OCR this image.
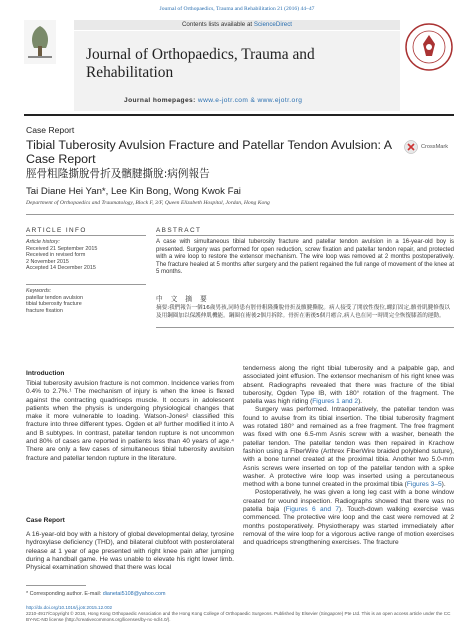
Journal of Orthopaedics, Trauma and Rehabilitation 21 (2016) 44–47
Contents lists available at ScienceDirect
Journal of Orthopaedics, Trauma and Rehabilitation
Journal homepages: www.e-jotr.com & www.ejotr.org
Case Report
Tibial Tuberosity Avulsion Fracture and Patellar Tendon Avulsion: A Case Report
脛骨粗隆撕脫骨折及髕腱撕脫:病例報告
CrossMark
Tai Diane Hei Yan*, Lee Kin Bong, Wong Kwok Fai
Department of Orthopaedics and Traumatology, Block F, 3/F, Queen Elizabeth Hospital, Jordan, Hong Kong
ARTICLE INFO	ABSTRACT
Article history:
Received 21 September 2015
Received in revised form
2 November 2015
Accepted 14 December 2015
Keywords:
patellar tendon avulsion
tibial tuberosity fracture
fracture fixation
A case with simultaneous tibial tuberosity fracture and patellar tendon avulsion in a 16-year-old boy is presented. Surgery was performed for open reduction, screw fixation and patellar tendon repair, and protected with a wire loop to restore the extensor mechanism. The wire loop was removed at 2 months postoperatively. The fracture healed at 5 months after surgery and the patient regained the full range of movement of the knee at 5 months.
中 文 摘 要
摘要:我們報告一個16歲男孩,同時患有脛骨粗隆撕脫骨折及髕腱撕脫。病人接受了開放性復位,螺釘固定,髕骨肌腱修復以及用鋼圈加以保護伸肌機能。鋼圈在術後2個月拆除。骨折在術後5個月癒合,病人也在同一時間完全恢復膝蓋的運動。
Introduction
Tibial tuberosity avulsion fracture is not common. Incidence varies from 0.4% to 2.7%.¹ The mechanism of injury is when the knee is flexed against the contracting quadriceps muscle. It occurs in adolescent patients when the physis is undergoing physiological changes that make it more vulnerable to loading. Watson-Jones² classified this fracture into three different types. Ogden et al³ further modified it into A and B subtypes. In contrast, patellar tendon rupture is not uncommon and 80% of cases are reported in patients less than 40 years of age.⁴ There are only a few cases of simultaneous tibial tuberosity avulsion fracture and patellar tendon rupture in the literature.
Case Report
A 16-year-old boy with a history of global developmental delay, tyrosine hydroxylase deficiency (THD), and bilateral clubfoot with posterolateral release at 1 year of age presented with right knee pain after jumping during a handball game. He was unable to elevate his right lower limb. Physical examination showed that there was local

tenderness along the right tibial tuberosity and a palpable gap, and associated joint effusion. The extensor mechanism of his right knee was absent. Radiographs revealed that there was fracture of the tibial tuberosity, Ogden Type IB, with 180° rotation of the fragment. The patella was high riding (Figures 1 and 2).

Surgery was performed. Intraoperatively, the patellar tendon was found to avulse from its tibial insertion. The tibial tuberosity fragment was rotated 180° and remained as a free fragment. The free fragment was fixed with one 6.5-mm Asnis screw with a washer, beneath the patellar tendon. The patellar tendon was then repaired in Krachow fashion using a FiberWire (Arthrex FiberWire braided polyblend suture), with a bone tunnel created at the proximal tibia. Another two 5.0-mm Asnis screws were inserted on top of the patellar tendon with a spike washer. A protective wire loop was inserted using a percutaneous method with a bone tunnel created in the proximal tibia (Figures 3–5).

Postoperatively, he was given a long leg cast with a bone window created for wound inspection. Radiographs showed that there was no patella baja (Figures 6 and 7). Touch-down walking exercise was commenced. The protective wire loop and the cast were removed at 2 months postoperatively. Physiotherapy was started immediately after removal of the wire loop for a vigorous active range of motion exercises and quadriceps strengthening exercises. The fracture

* Corresponding author. E-mail: dianetai5108@yahoo.com
http://dx.doi.org/10.1016/j.jotr.2015.12.002
2210-4917/Copyright © 2016, Hong Kong Orthopaedic Association and the Hong Kong College of Orthopaedic Surgeons. Published by Elsevier (Singapore) Pte Ltd. This is an open access article under the CC BY-NC-ND license (http://creativecommons.org/licenses/by-nc-nd/4.0/).
